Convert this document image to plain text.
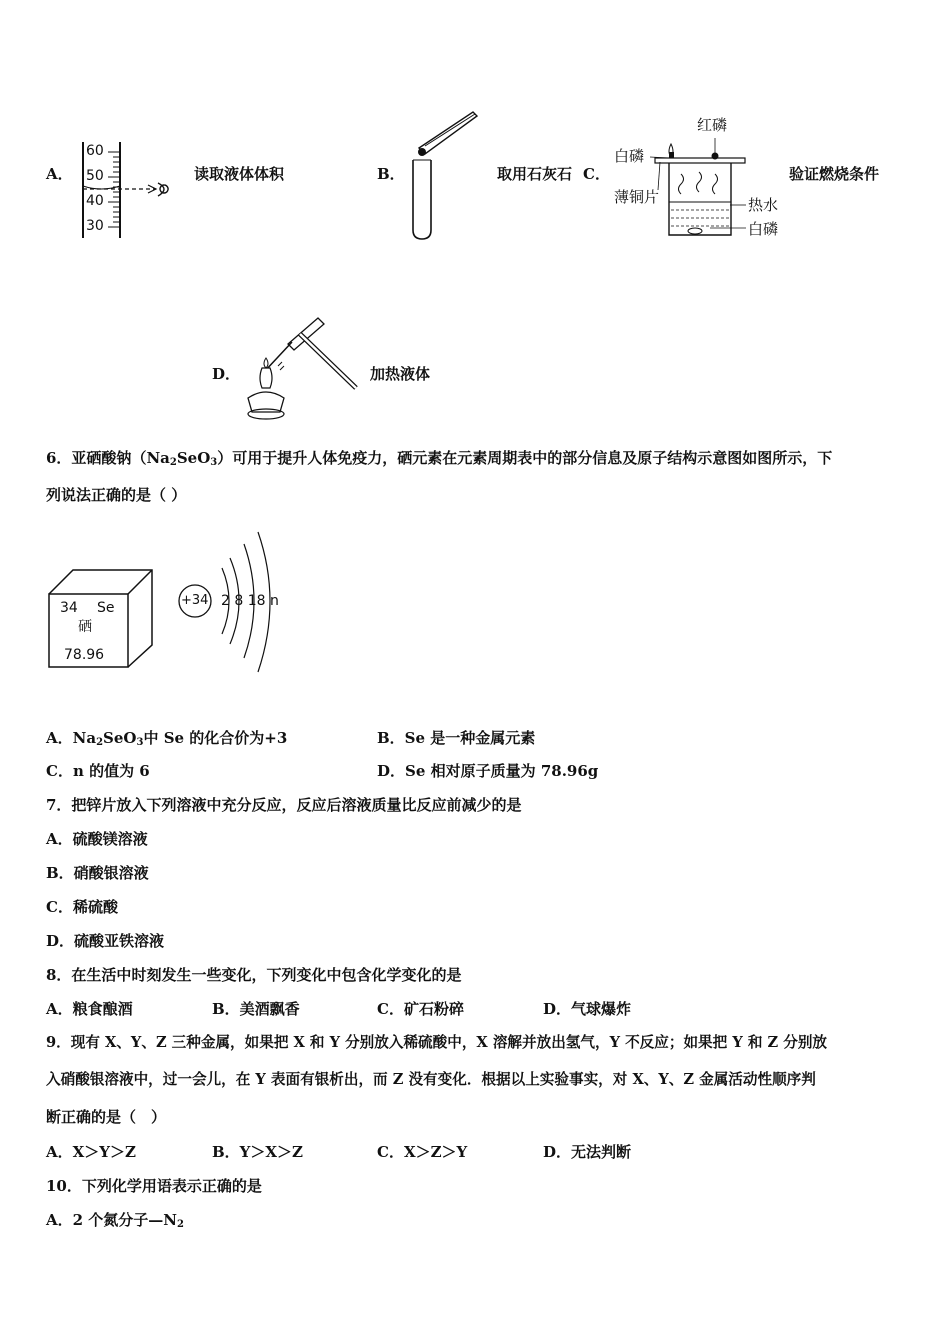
A．
60
50
40
30
读取液体体积	B．	取用石灰石 C．
红磷
白磷
薄铜片	热水
白磷
验证燃烧条件
D．	加热液体
6．亚硒酸钠$(Na_2SeO_3)$可用于提升人体免疫力，硒元素在元素周期表中的部分信息及原子结构示意图如图所示，下
列说法正确的是（ ）
34 Se
硒
78.96
+34 2 8 18 n
A．$Na_2SeO_3$中 Se 的化合价为+3	B．Se 是一种金属元素
C．n 的值为 6	D．Se 相对原子质量为 78.96g
7．把锌片放入下列溶液中充分反应，反应后溶液质量比反应前减少的是
A．硫酸镁溶液
B．硝酸银溶液
C．稀硫酸
D．硫酸亚铁溶液
8．在生活中时刻发生一些变化，下列变化中包含化学变化的是
A．粮食酿酒	B．美酒飘香	C．矿石粉碎	D．气球爆炸
9．现有 X、Y、Z 三种金属，如果把 X 和 Y 分别放入稀硫酸中，X 溶解并放出氢气，Y 不反应；如果把 Y 和 Z 分别放
入硝酸银溶液中，过一会儿，在 Y 表面有银析出，而 Z 没有变化．根据以上实验事实，对 X、Y、Z 金属活动性顺序判
断正确的是（　）
A．X＞Y＞Z	B．Y＞X＞Z	C．X＞Z＞Y	D．无法判断
10．下列化学用语表示正确的是
A．2 个氮分子$—N_2$
